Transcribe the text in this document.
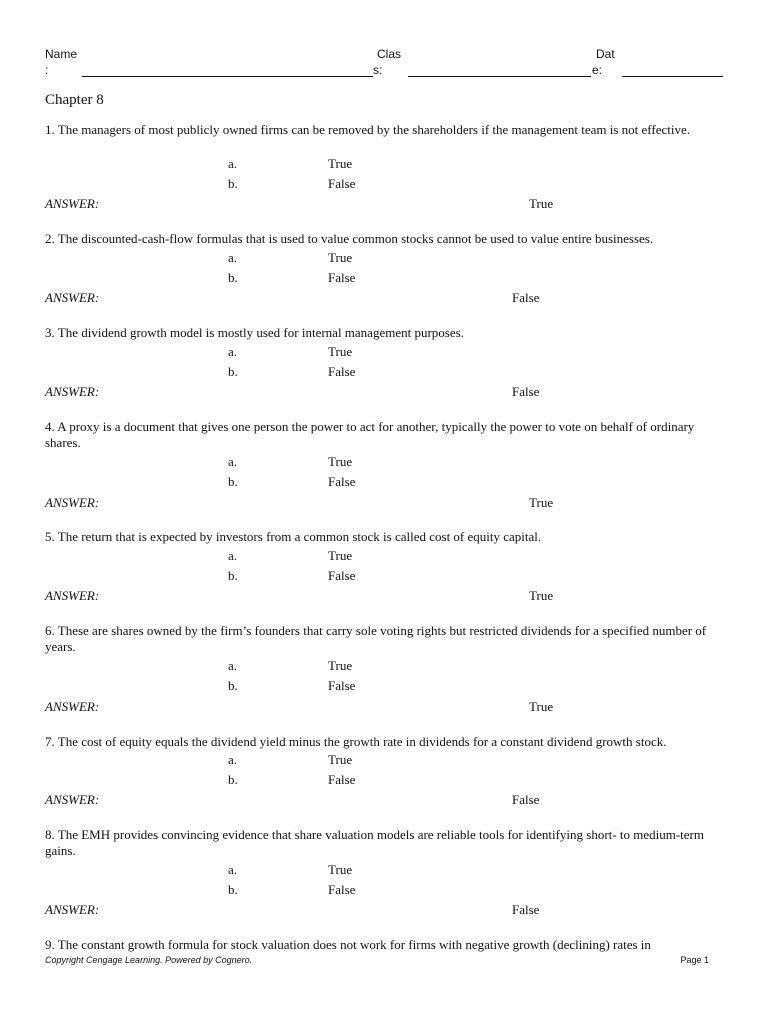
Name
:
Clas
s:
Dat
e:
Chapter 8
1. The managers of most publicly owned firms can be removed by the shareholders if the management team is not effective.
a.	True
b.	False
ANSWER:	True
2. The discounted-cash-flow formulas that is used to value common stocks cannot be used to value entire businesses.
a.	True
b.	False
ANSWER:	False
3. The dividend growth model is mostly used for internal management purposes.
a.	True
b.	False
ANSWER:	False
4. A proxy is a document that gives one person the power to act for another, typically the power to vote on behalf of ordinary shares.
a.	True
b.	False
ANSWER:	True
5. The return that is expected by investors from a common stock is called cost of equity capital.
a.	True
b.	False
ANSWER:	True
6. These are shares owned by the firm’s founders that carry sole voting rights but restricted dividends for a specified number of years.
a.	True
b.	False
ANSWER:	True
7. The cost of equity equals the dividend yield minus the growth rate in dividends for a constant dividend growth stock.
a.	True
b.	False
ANSWER:	False
8. The EMH provides convincing evidence that share valuation models are reliable tools for identifying short- to medium-term gains.
a.	True
b.	False
ANSWER:	False
9. The constant growth formula for stock valuation does not work for firms with negative growth (declining) rates in
Copyright Cengage Learning. Powered by Cognero.	Page 1
